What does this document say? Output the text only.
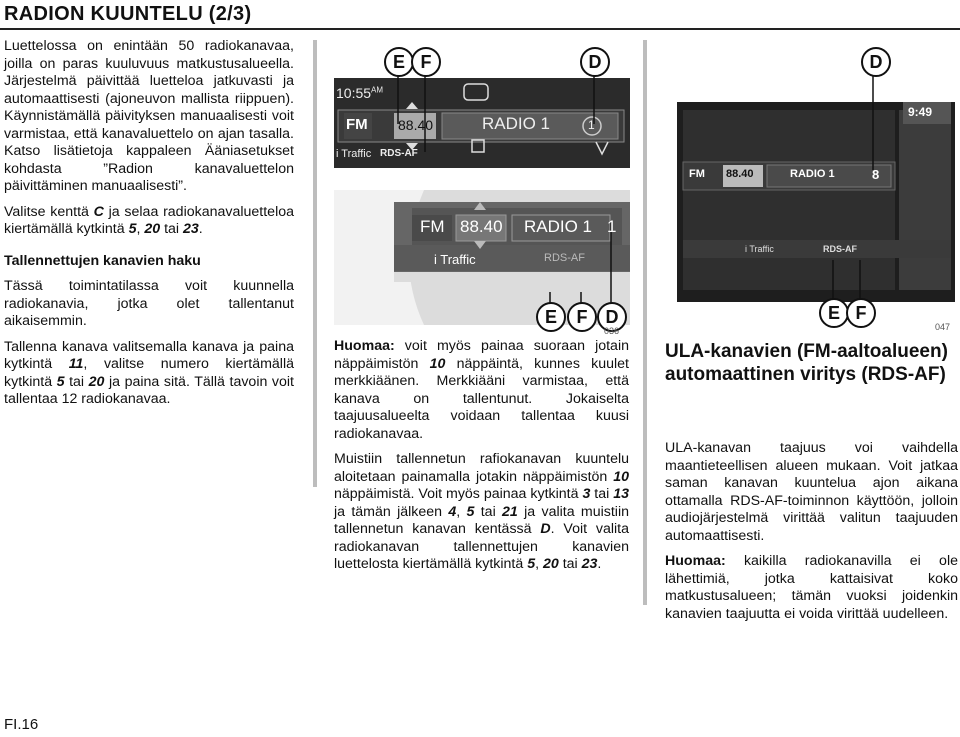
RADION KUUNTELU (2/3)

Luettelossa on enintään 50 radiokanavaa, joilla on paras kuuluvuus matkustusalueella. Järjestelmä päivittää luetteloa jatkuvasti ja automaattisesti (ajoneuvon mallista riippuen). Käynnistämällä päivityksen manuaalisesti voit varmistaa, että kanavaluettelo on ajan tasalla. Katso lisätietoja kappaleen Ääniasetukset kohdasta ”Radion kanavaluettelon päivittäminen manuaalisesti”.

Valitse kenttä C ja selaa radiokanavaluetteloa kiertämällä kytkintä 5, 20 tai 23.

Tallennettujen kanavien haku

Tässä toimintatilassa voit kuunnella radiokanavia, jotka olet tallentanut aikaisemmin.

Tallenna kanava valitsemalla kanava ja paina kytkintä 11, valitse numero kiertämällä kytkintä 5 tai 20 ja paina sitä. Tällä tavoin voit tallentaa 12 radiokanavaa.

E F	D
$10:55^{AM}$
FM 88.40	RADIO 1	1
i Traffic RDS-AF
FM 88.40 RADIO 1 1
i Traffic	RDS-AF
E	F	D
036

Huomaa: voit myös painaa suoraan jotain näppäimistön 10 näppäintä, kunnes kuulet merkkiäänen. Merkkiääni varmistaa, että kanava on tallentunut. Jokaiselta taajuusalueelta voidaan tallentaa kuusi radiokanavaa.

Muistiin tallennetun rafiokanavan kuuntelu aloitetaan painamalla jotakin näppäimistön 10 näppäimistä. Voit myös painaa kytkintä 3 tai 13 ja tämän jälkeen 4, 5 tai 21 ja valita muistiin tallennetun kanavan kentässä D. Voit valita radiokanavan tallennettujen kanavien luettelosta kiertämällä kytkintä 5, 20 tai 23.

D
9:49
FM 88.40	RADIO 1	8
i Traffic	RDS-AF
E F
047
ULA-kanavien (FM-aaltoalueen) automaattinen viritys (RDS-AF)

ULA-kanavan taajuus voi vaihdella maantieteellisen alueen mukaan. Voit jatkaa saman kanavan kuuntelua ajon aikana ottamalla RDS-AF-toiminnon käyttöön, jolloin audiojärjestelmä virittää valitun taajuuden automaattisesti.

Huomaa: kaikilla radiokanavilla ei ole lähettimiä, jotka kattaisivat koko matkustusalueen; tämän vuoksi joidenkin kanavien taajuutta ei voida virittää uudelleen.

FI.16
